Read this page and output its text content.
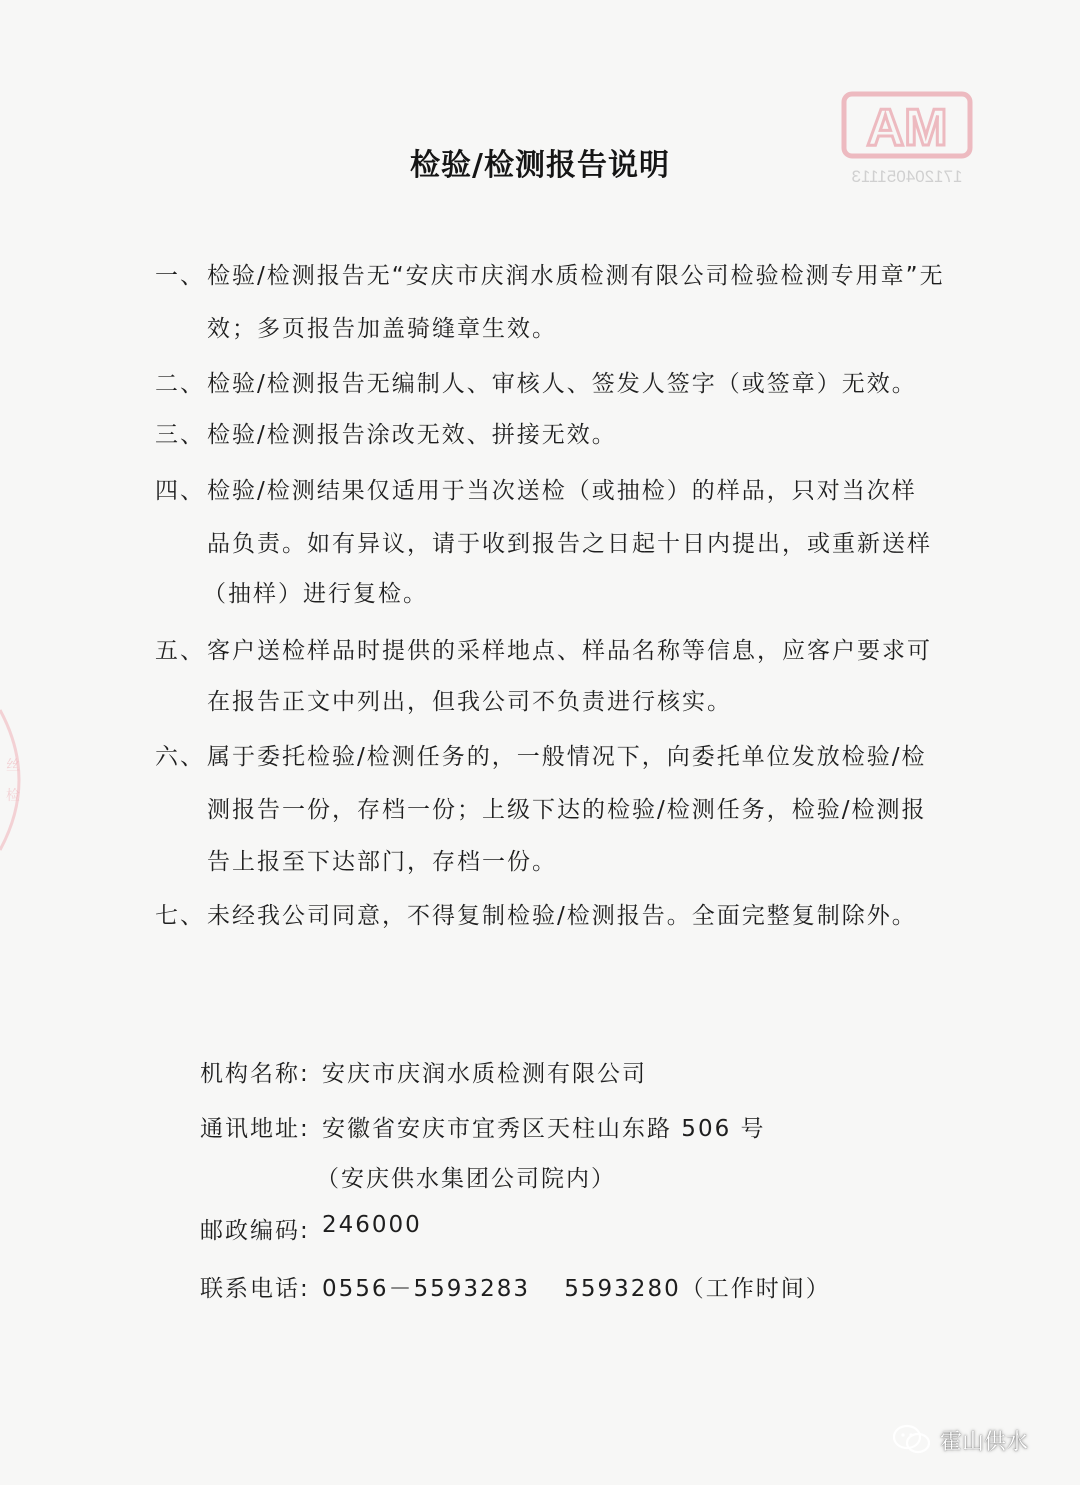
AM
171204051113
丝
检
检验/检测报告说明
一、 检验/检测报告无“安庆市庆润水质检测有限公司检验检测专用章”无
效；多页报告加盖骑缝章生效。
二、 检验/检测报告无编制人、审核人、签发人签字（或签章）无效。
三、 检验/检测报告涂改无效、拼接无效。
四、 检验/检测结果仅适用于当次送检（或抽检）的样品，只对当次样
品负责。如有异议，请于收到报告之日起十日内提出，或重新送样
（抽样）进行复检。
五、 客户送检样品时提供的采样地点、样品名称等信息，应客户要求可
在报告正文中列出，但我公司不负责进行核实。
六、 属于委托检验/检测任务的，一般情况下，向委托单位发放检验/检
测报告一份，存档一份；上级下达的检验/检测任务，检验/检测报
告上报至下达部门，存档一份。
七、 未经我公司同意，不得复制检验/检测报告。全面完整复制除外。
机构名称: 安庆市庆润水质检测有限公司
通讯地址: 安徽省安庆市宜秀区天柱山东路 506 号
（安庆供水集团公司院内）
邮政编码: 246000
联系电话: 0556－5593283　 5593280（工作时间）
霍山供水
